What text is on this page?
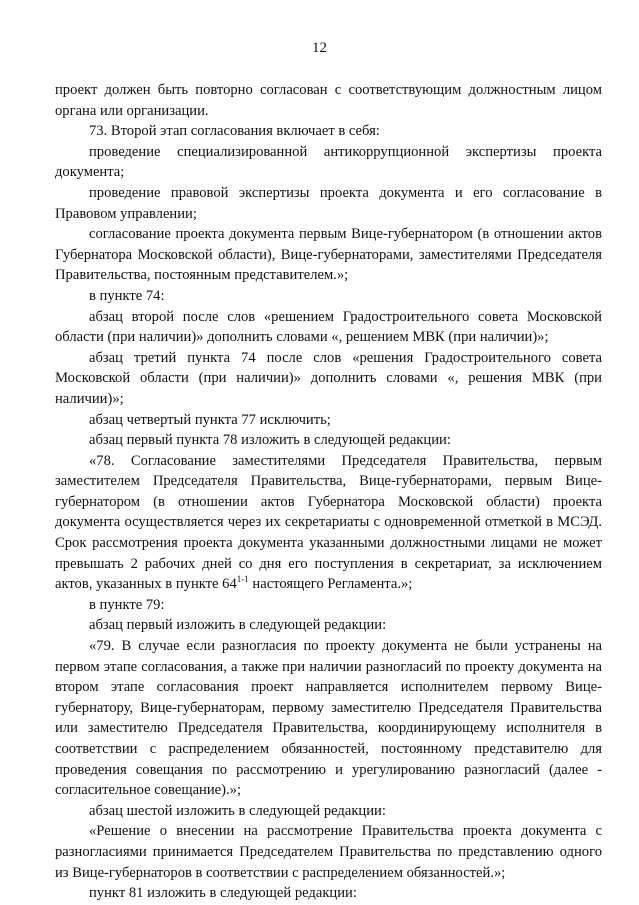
12

проект должен быть повторно согласован с соответствующим должностным лицом органа или организации.

73. Второй этап согласования включает в себя:

проведение специализированной антикоррупционной экспертизы проекта документа;

проведение правовой экспертизы проекта документа и его согласование в Правовом управлении;

согласование проекта документа первым Вице-губернатором (в отношении актов Губернатора Московской области), Вице-губернаторами, заместителями Председателя Правительства, постоянным представителем.»;

в пункте 74:

абзац второй после слов «решением Градостроительного совета Московской области (при наличии)» дополнить словами «, решением МВК (при наличии)»;

абзац третий пункта 74 после слов «решения Градостроительного совета Московской области (при наличии)» дополнить словами «, решения МВК (при наличии)»;

абзац четвертый пункта 77 исключить;

абзац первый пункта 78 изложить в следующей редакции:

«78. Согласование заместителями Председателя Правительства, первым заместителем Председателя Правительства, Вице-губернаторами, первым Вице-губернатором (в отношении актов Губернатора Московской области) проекта документа осуществляется через их секретариаты с одновременной отметкой в МСЭД. Срок рассмотрения проекта документа указанными должностными лицами не может превышать 2 рабочих дней со дня его поступления в секретариат, за исключением актов, указанных в пункте 64$^{1-1}$ настоящего Регламента.»;

в пункте 79:

абзац первый изложить в следующей редакции:

«79. В случае если разногласия по проекту документа не были устранены на первом этапе согласования, а также при наличии разногласий по проекту документа на втором этапе согласования проект направляется исполнителем первому Вице-губернатору, Вице-губернаторам, первому заместителю Председателя Правительства или заместителю Председателя Правительства, координирующему исполнителя в соответствии с распределением обязанностей, постоянному представителю для проведения совещания по рассмотрению и урегулированию разногласий (далее - согласительное совещание).»;

абзац шестой изложить в следующей редакции:

«Решение о внесении на рассмотрение Правительства проекта документа с разногласиями принимается Председателем Правительства по представлению одного из Вице-губернаторов в соответствии с распределением обязанностей.»;

пункт 81 изложить в следующей редакции:
